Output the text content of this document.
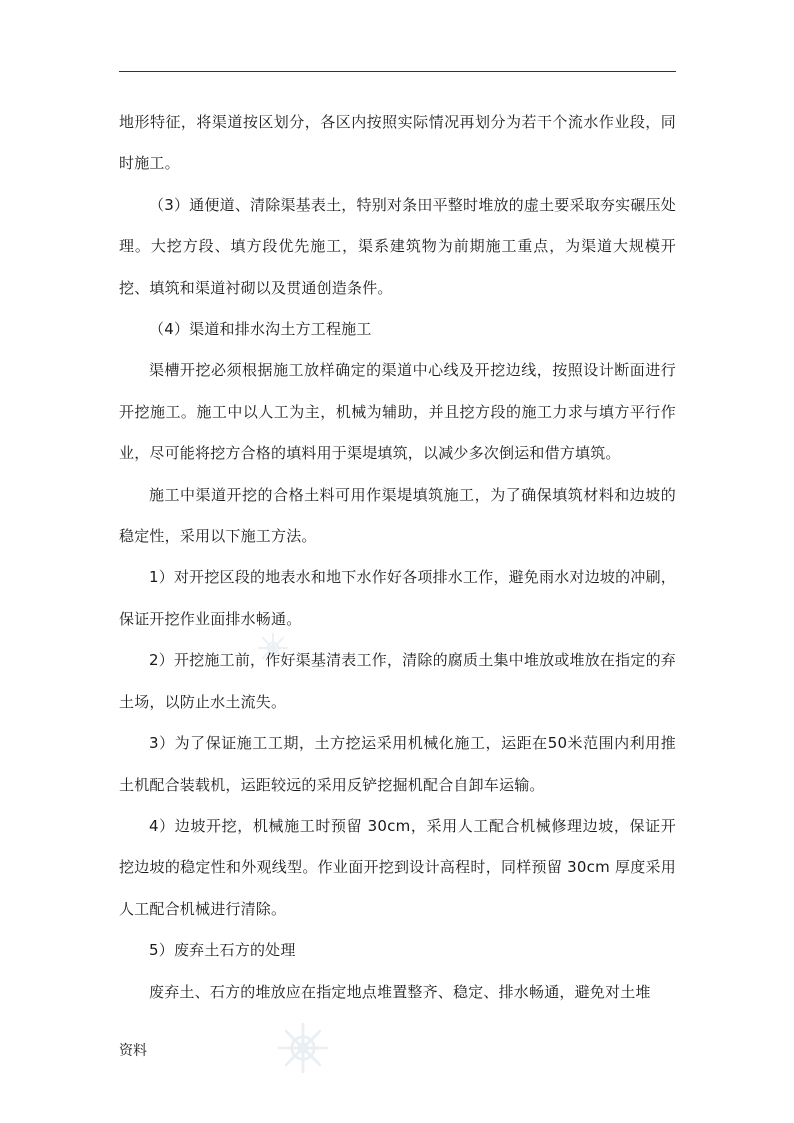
地形特征，将渠道按区划分，各区内按照实际情况再划分为若干个流水作业段，同时施工。

（3）通便道、清除渠基表土，特别对条田平整时堆放的虚土要采取夯实碾压处理。大挖方段、填方段优先施工，渠系建筑物为前期施工重点，为渠道大规模开挖、填筑和渠道衬砌以及贯通创造条件。

（4）渠道和排水沟土方工程施工

渠槽开挖必须根据施工放样确定的渠道中心线及开挖边线，按照设计断面进行开挖施工。施工中以人工为主，机械为辅助，并且挖方段的施工力求与填方平行作业，尽可能将挖方合格的填料用于渠堤填筑，以减少多次倒运和借方填筑。

施工中渠道开挖的合格土料可用作渠堤填筑施工，为了确保填筑材料和边坡的稳定性，采用以下施工方法。

1）对开挖区段的地表水和地下水作好各项排水工作，避免雨水对边坡的冲刷，保证开挖作业面排水畅通。

2）开挖施工前，作好渠基清表工作，清除的腐质土集中堆放或堆放在指定的弃土场，以防止水土流失。

3）为了保证施工工期，土方挖运采用机械化施工，运距在50米范围内利用推土机配合装载机，运距较远的采用反铲挖掘机配合自卸车运输。

4）边坡开挖，机械施工时预留 30cm，采用人工配合机械修理边坡，保证开挖边坡的稳定性和外观线型。作业面开挖到设计高程时，同样预留 30cm 厚度采用人工配合机械进行清除。

5）废弃土石方的处理

废弃土、石方的堆放应在指定地点堆置整齐、稳定、排水畅通，避免对土堆

资料
